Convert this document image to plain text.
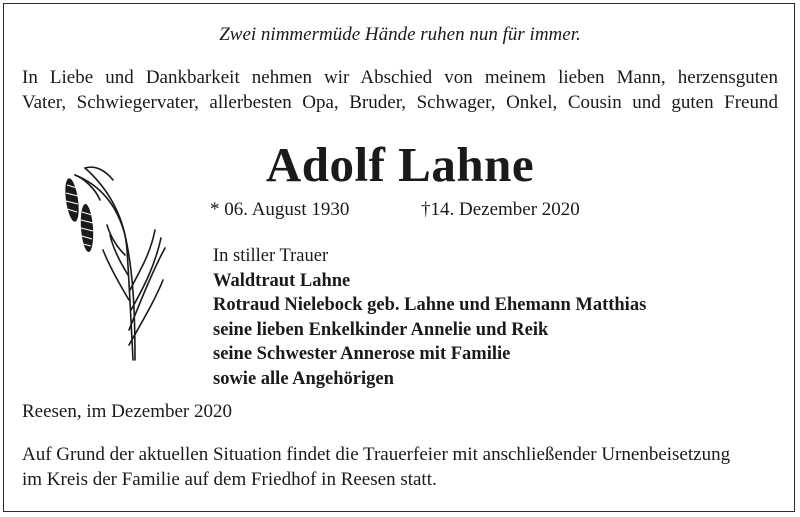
Zwei nimmermüde Hände ruhen nun für immer.
In Liebe und Dankbarkeit nehmen wir Abschied von meinem lieben Mann, herzensguten
Vater, Schwiegervater, allerbesten Opa, Bruder, Schwager, Onkel, Cousin und guten Freund
Adolf Lahne
* 06. August 1930	†14. Dezember 2020
In stiller Trauer
Waldtraut Lahne
Rotraud Nielebock geb. Lahne und Ehemann Matthias
seine lieben Enkelkinder Annelie und Reik
seine Schwester Annerose mit Familie
sowie alle Angehörigen
Reesen, im Dezember 2020
Auf Grund der aktuellen Situation findet die Trauerfeier mit anschließender Urnenbeisetzung
im Kreis der Familie auf dem Friedhof in Reesen statt.
